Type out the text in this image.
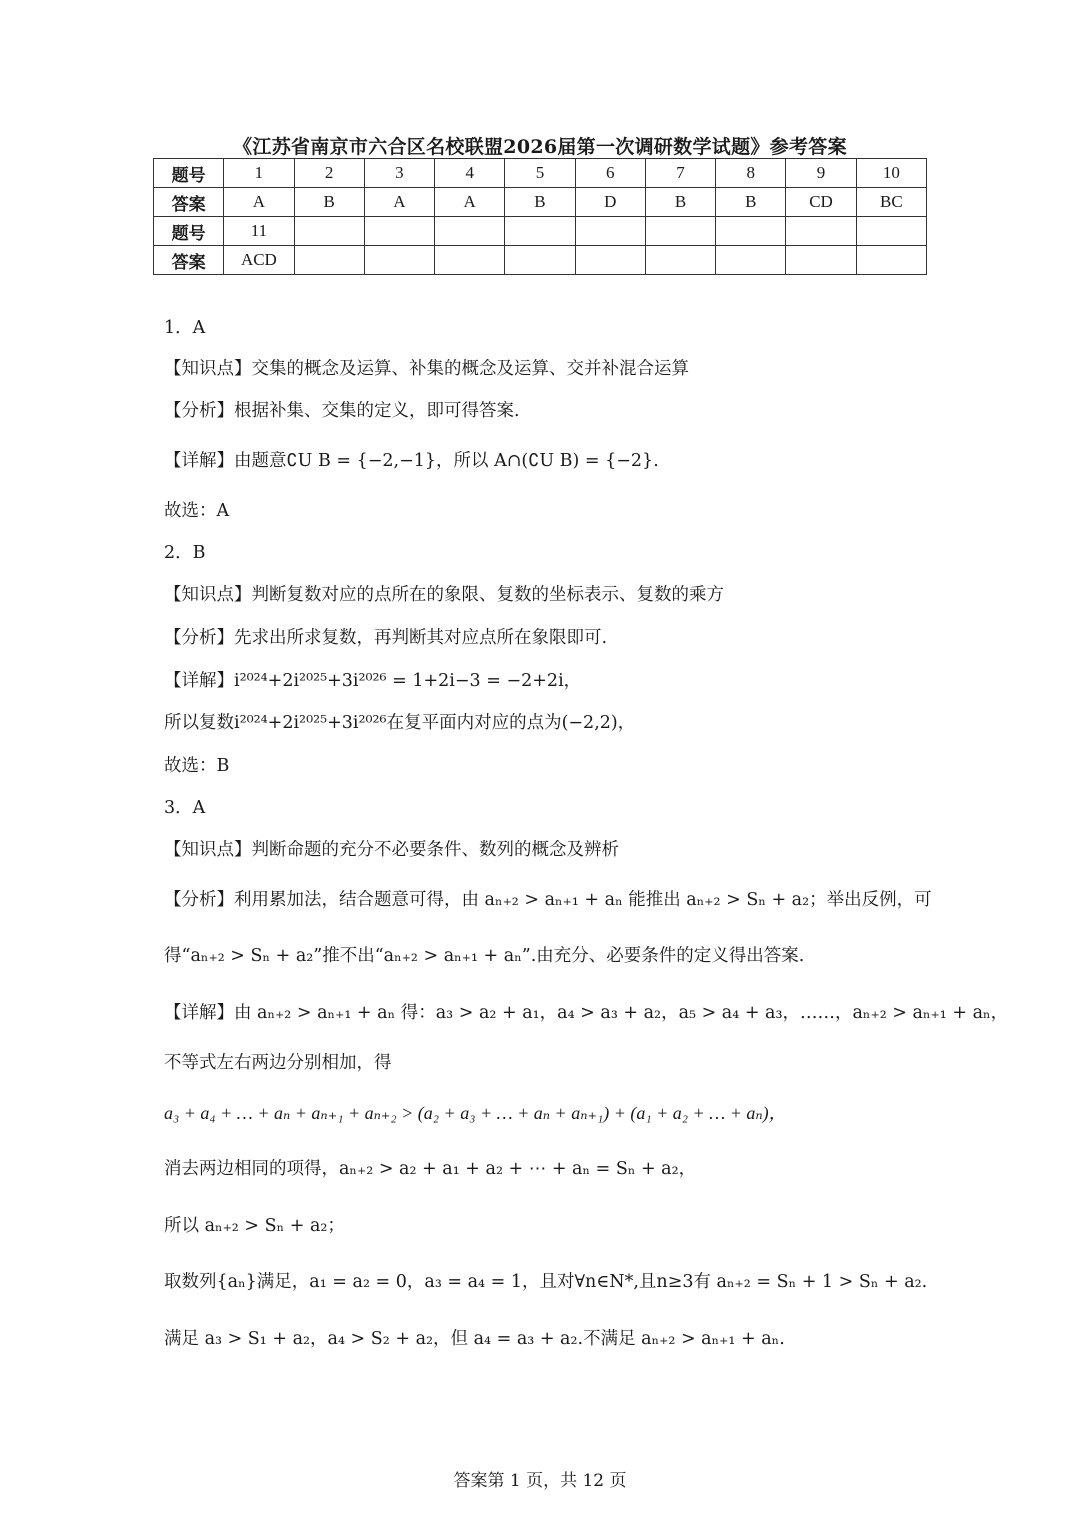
《江苏省南京市六合区名校联盟2026届第一次调研数学试题》参考答案
题号	1	2	3	4	5	6	7	8	9	10
答案	A	B	A	A	B	D	B	B	CD	BC
题号	11									
答案	ACD									
1．A
【知识点】交集的概念及运算、补集的概念及运算、交并补混合运算
【分析】根据补集、交集的定义，即可得答案.
【详解】由题意∁U B = {−2,−1}，所以 A∩(∁U B) = {−2}.
故选：A
2．B
【知识点】判断复数对应的点所在的象限、复数的坐标表示、复数的乘方
【分析】先求出所求复数，再判断其对应点所在象限即可.
【详解】i²⁰²⁴+2i²⁰²⁵+3i²⁰²⁶ = 1+2i−3 = −2+2i，
所以复数i²⁰²⁴+2i²⁰²⁵+3i²⁰²⁶在复平面内对应的点为(−2,2)，
故选：B
3．A
【知识点】判断命题的充分不必要条件、数列的概念及辨析
【分析】利用累加法，结合题意可得，由 aₙ₊₂ > aₙ₊₁ + aₙ 能推出 aₙ₊₂ > Sₙ + a₂；举出反例，可
得“aₙ₊₂ > Sₙ + a₂”推不出“aₙ₊₂ > aₙ₊₁ + aₙ”.由充分、必要条件的定义得出答案.
【详解】由 aₙ₊₂ > aₙ₊₁ + aₙ 得：a₃ > a₂ + a₁，a₄ > a₃ + a₂，a₅ > a₄ + a₃，……，aₙ₊₂ > aₙ₊₁ + aₙ，
不等式左右两边分别相加，得
a₃ + a₄ + … + aₙ + aₙ₊₁ + aₙ₊₂ > (a₂ + a₃ + … + aₙ + aₙ₊₁) + (a₁ + a₂ + … + aₙ)，
消去两边相同的项得，aₙ₊₂ > a₂ + a₁ + a₂ + ⋯ + aₙ = Sₙ + a₂，
所以 aₙ₊₂ > Sₙ + a₂；
取数列{aₙ}满足，a₁ = a₂ = 0，a₃ = a₄ = 1，且对∀n∈N*,且n≥3有 aₙ₊₂ = Sₙ + 1 > Sₙ + a₂.
满足 a₃ > S₁ + a₂，a₄ > S₂ + a₂，但 a₄ = a₃ + a₂.不满足 aₙ₊₂ > aₙ₊₁ + aₙ.
答案第 1 页，共 12 页
